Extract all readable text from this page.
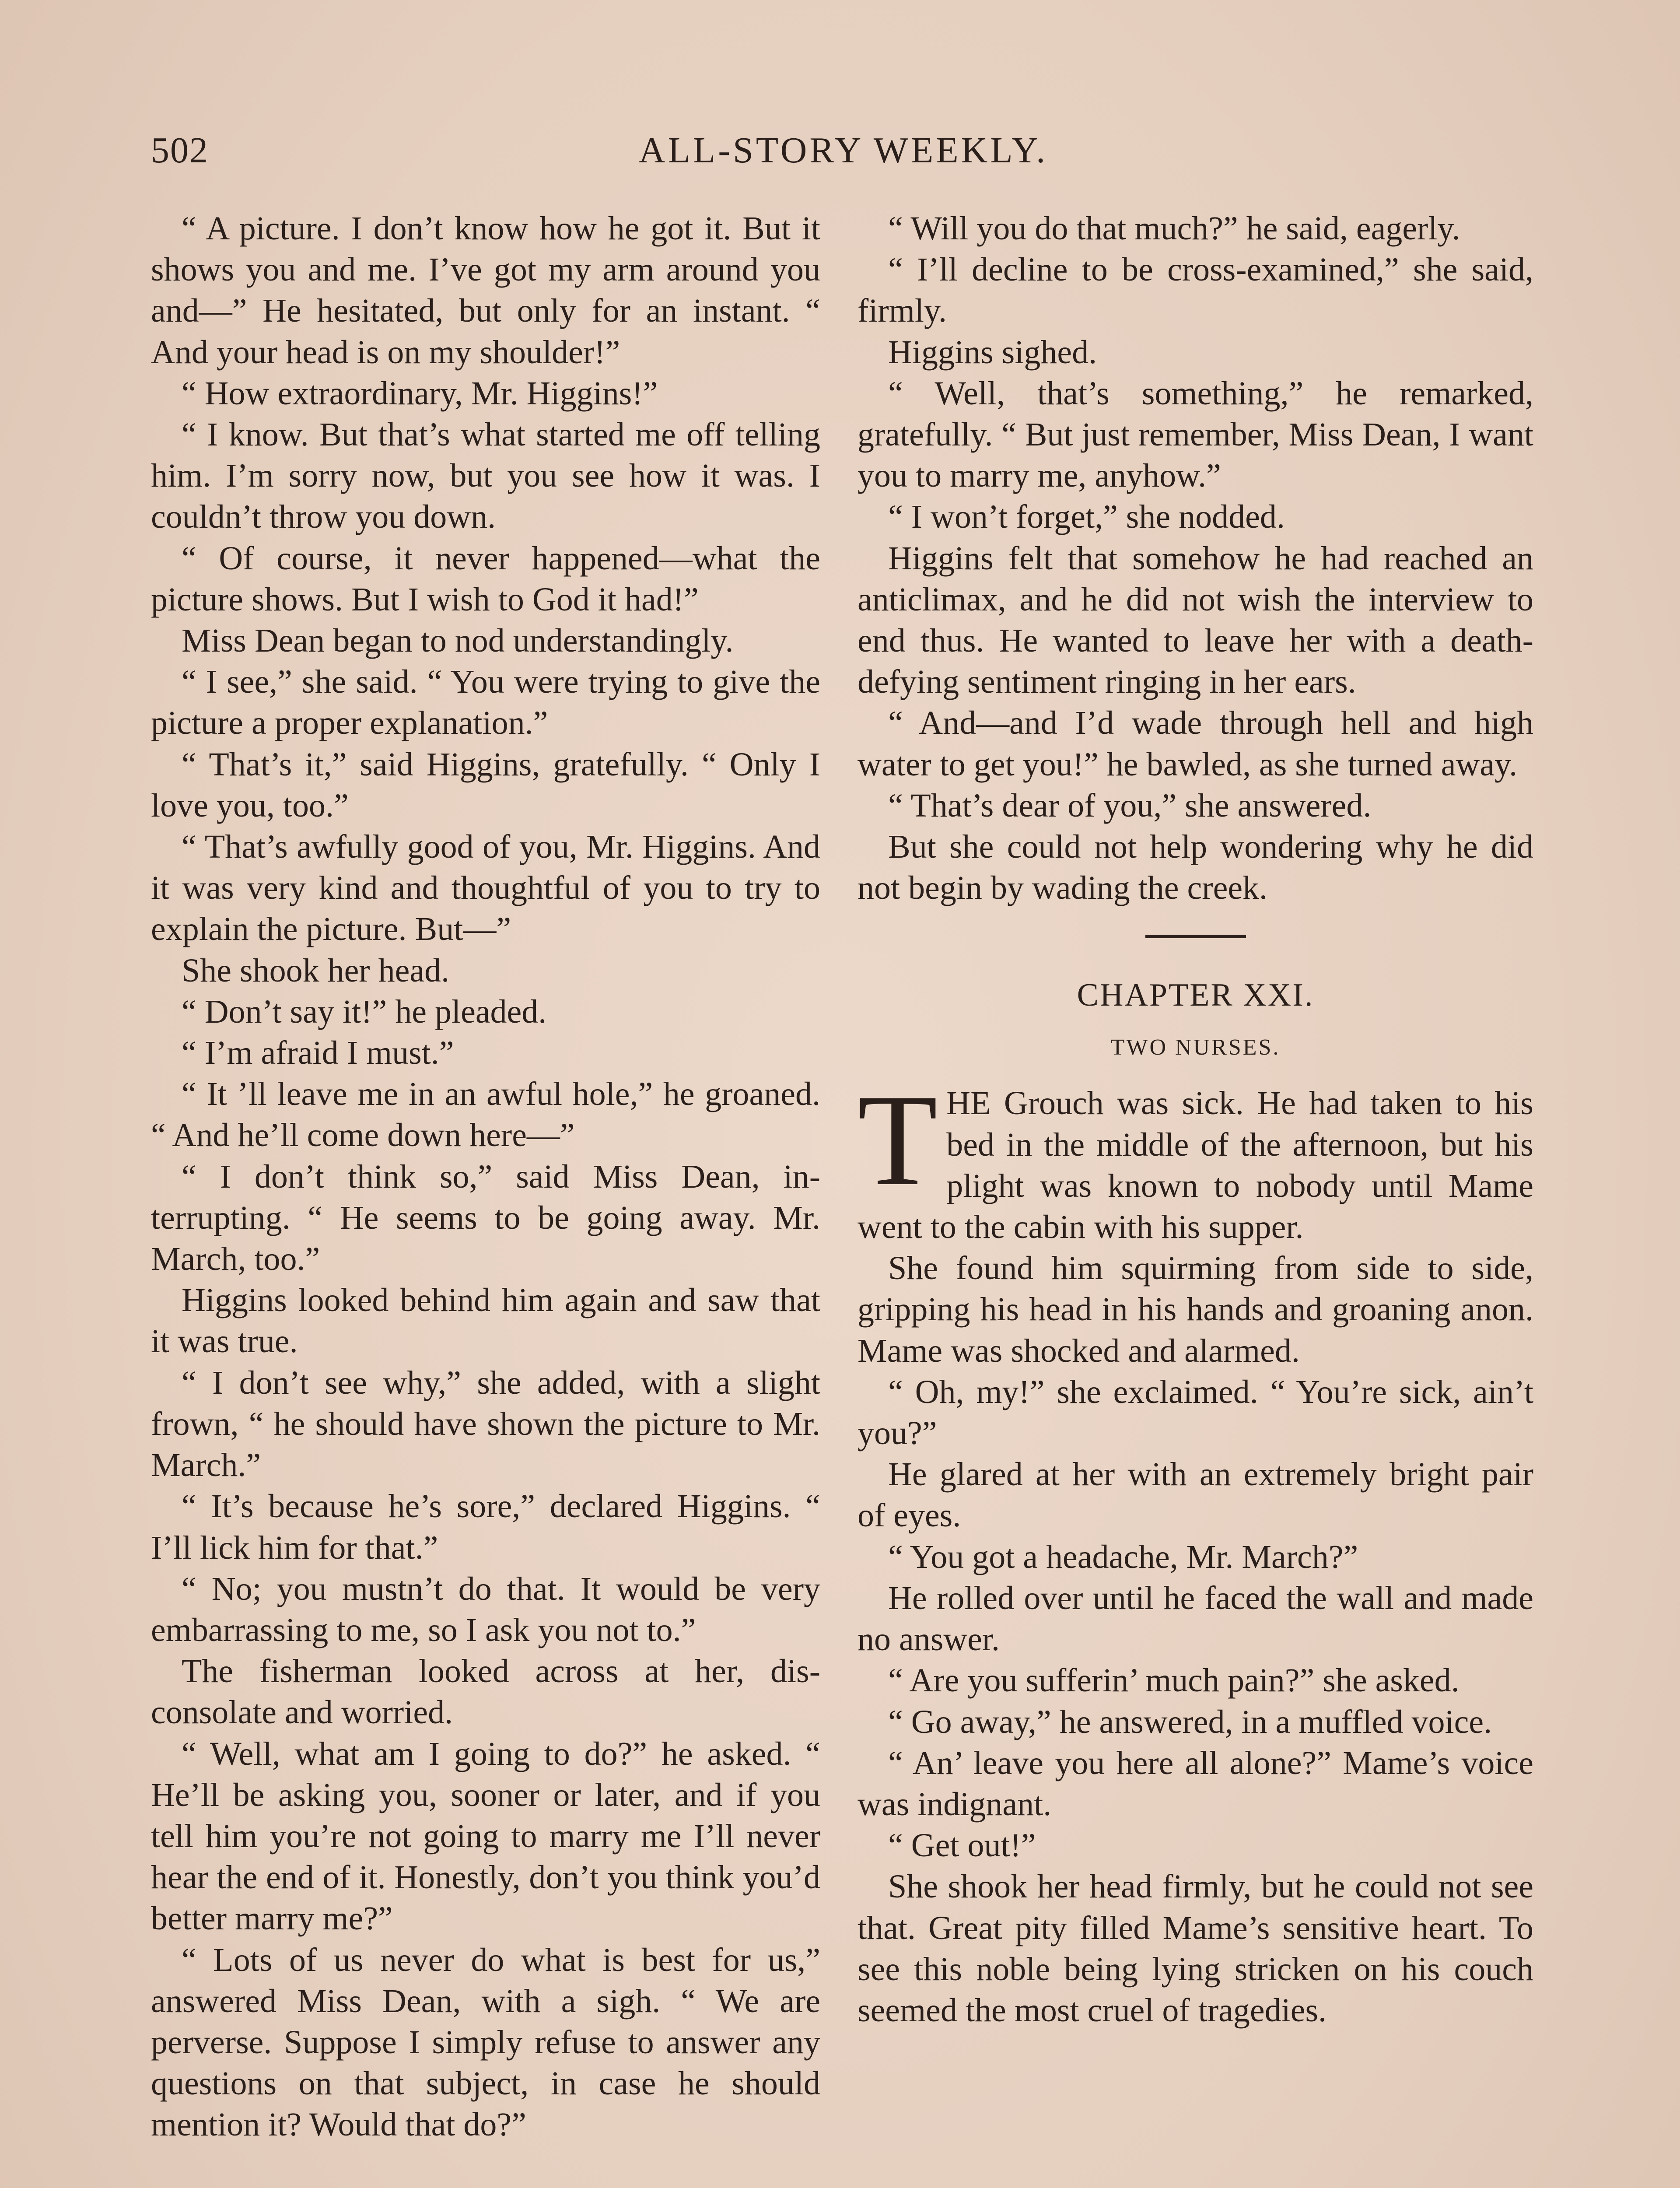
502	ALL-STORY WEEKLY.

“ A picture. I don’t know how he got it. But it shows you and me. I’ve got my arm around you and—” He hesitated, but only for an instant. “ And your head is on my shoulder!”

“ How extraordinary, Mr. Higgins!”

“ I know. But that’s what started me off telling him. I’m sorry now, but you see how it was. I couldn’t throw you down.

“ Of course, it never happened—what the picture shows. But I wish to God it had!”

Miss Dean began to nod understandingly.

“ I see,” she said. “ You were trying to give the picture a proper explanation.”

“ That’s it,” said Higgins, gratefully. “ Only I love you, too.”

“ That’s awfully good of you, Mr. Higgins. And it was very kind and thoughtful of you to try to explain the picture. But—”

She shook her head.

“ Don’t say it!” he pleaded.

“ I’m afraid I must.”

“ It ’ll leave me in an awful hole,” he groaned. “ And he’ll come down here—”

“ I don’t think so,” said Miss Dean, interrupting. “ He seems to be going away. Mr. March, too.”

Higgins looked behind him again and saw that it was true.

“ I don’t see why,” she added, with a slight frown, “ he should have shown the picture to Mr. March.”

“ It’s because he’s sore,” declared Higgins. “ I’ll lick him for that.”

“ No; you mustn’t do that. It would be very embarrassing to me, so I ask you not to.”

The fisherman looked across at her, disconsolate and worried.

“ Well, what am I going to do?” he asked. “ He’ll be asking you, sooner or later, and if you tell him you’re not going to marry me I’ll never hear the end of it. Honestly, don’t you think you’d better marry me?”

“ Lots of us never do what is best for us,” answered Miss Dean, with a sigh. “ We are perverse. Suppose I simply refuse to answer any questions on that subject, in case he should mention it? Would that do?”

“ Will you do that much?” he said, eagerly.

“ I’ll decline to be cross-examined,” she said, firmly.

Higgins sighed.

“ Well, that’s something,” he remarked, gratefully. “ But just remember, Miss Dean, I want you to marry me, anyhow.”

“ I won’t forget,” she nodded.

Higgins felt that somehow he had reached an anticlimax, and he did not wish the interview to end thus. He wanted to leave her with a death-defying sentiment ringing in her ears.

“ And—and I’d wade through hell and high water to get you!” he bawled, as she turned away.

“ That’s dear of you,” she answered.

But she could not help wondering why he did not begin by wading the creek.

CHAPTER XXI.
TWO NURSES.

THE Grouch was sick. He had taken to his bed in the middle of the afternoon, but his plight was known to nobody until Mame went to the cabin with his supper.

She found him squirming from side to side, gripping his head in his hands and groaning anon. Mame was shocked and alarmed.

“ Oh, my!” she exclaimed. “ You’re sick, ain’t you?”

He glared at her with an extremely bright pair of eyes.

“ You got a headache, Mr. March?”

He rolled over until he faced the wall and made no answer.

“ Are you sufferin’ much pain?” she asked.

“ Go away,” he answered, in a muffled voice.

“ An’ leave you here all alone?” Mame’s voice was indignant.

“ Get out!”

She shook her head firmly, but he could not see that. Great pity filled Mame’s sensitive heart. To see this noble being lying stricken on his couch seemed the most cruel of tragedies.
